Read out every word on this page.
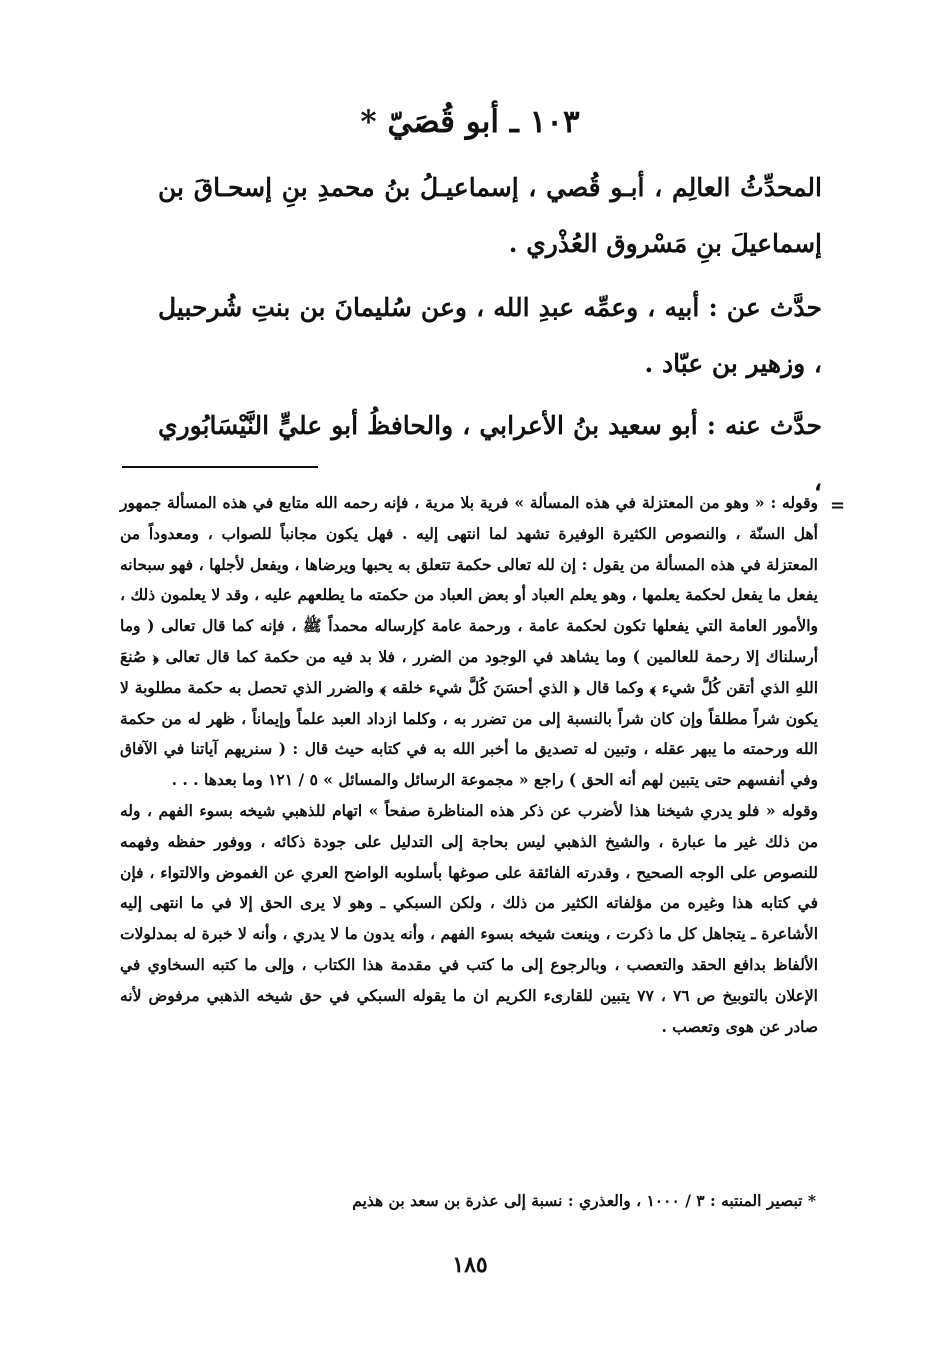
١٠٣ ـ أبو قُصَيّ *

المحدِّثُ العالِم ، أبـو قُصي ، إسماعيـلُ بنُ محمدِ بنِ إسحـاقَ بن إسماعيلَ بنِ مَسْروق العُذْري .

حدَّث عن : أبيه ، وعمِّه عبدِ الله ، وعن سُليمانَ بن بنتِ شُرحبيل ، وزهير بن عبّاد .

حدَّث عنه : أبو سعيد بنُ الأعرابي ، والحافظُ أبو عليٍّ النَّيْسَابُوري ،

=

وقوله : « وهو من المعتزلة في هذه المسألة » فرية بلا مرية ، فإنه رحمه الله متابع في هذه المسألة جمهور أهل السنّة ، والنصوص الكثيرة الوفيرة تشهد لما انتهى إليه . فهل يكون مجانباً للصواب ، ومعدوداً من المعتزلة في هذه المسألة من يقول : إن لله تعالى حكمة تتعلق به يحبها ويرضاها ، ويفعل لأجلها ، فهو سبحانه يفعل ما يفعل لحكمة يعلمها ، وهو يعلم العباد أو بعض العباد من حكمته ما يطلعهم عليه ، وقد لا يعلمون ذلك ، والأمور العامة التي يفعلها تكون لحكمة عامة ، ورحمة عامة كإرساله محمداً ﷺ ، فإنه كما قال تعالى ( وما أرسلناك إلا رحمة للعالمين ) وما يشاهد في الوجود من الضرر ، فلا بد فيه من حكمة كما قال تعالى ﴿ صُنعَ اللهِ الذي أتقن كُلَّ شيء ﴾ وكما قال ﴿ الذي أحسَنَ كُلَّ شيء خلقه ﴾ والضرر الذي تحصل به حكمة مطلوبة لا يكون شراً مطلقاً وإن كان شراً بالنسبة إلى من تضرر به ، وكلما ازداد العبد علماً وإيماناً ، ظهر له من حكمة الله ورحمته ما يبهر عقله ، وتبين له تصديق ما أخبر الله به في كتابه حيث قال : ( سنريهم آياتنا في الآفاق وفي أنفسهم حتى يتبين لهم أنه الحق ) راجع « مجموعة الرسائل والمسائل » ٥ / ١٢١ وما بعدها . . .

وقوله « فلو يدري شيخنا هذا لأضرب عن ذكر هذه المناظرة صفحاً » اتهام للذهبي شيخه بسوء الفهم ، وله من ذلك غير ما عبارة ، والشيخ الذهبي ليس بحاجة إلى التدليل على جودة ذكائه ، ووفور حفظه وفهمه للنصوص على الوجه الصحيح ، وقدرته الفائقة على صوغها بأسلوبه الواضح العري عن الغموض والالتواء ، فإن في كتابه هذا وغيره من مؤلفاته الكثير من ذلك ، ولكن السبكي ـ وهو لا يرى الحق إلا في ما انتهى إليه الأشاعرة ـ يتجاهل كل ما ذكرت ، وينعت شيخه بسوء الفهم ، وأنه يدون ما لا يدري ، وأنه لا خبرة له بمدلولات الألفاظ بدافع الحقد والتعصب ، وبالرجوع إلى ما كتب في مقدمة هذا الكتاب ، وإلى ما كتبه السخاوي في الإعلان بالتوبيخ ص ٧٦ ، ٧٧ يتبين للقارىء الكريم ان ما يقوله السبكي في حق شيخه الذهبي مرفوض لأنه صادر عن هوى وتعصب .

* تبصير المنتبه : ٣ / ١٠٠٠ ، والعذري : نسبة إلى عذرة بن سعد بن هذيم

١٨٥
